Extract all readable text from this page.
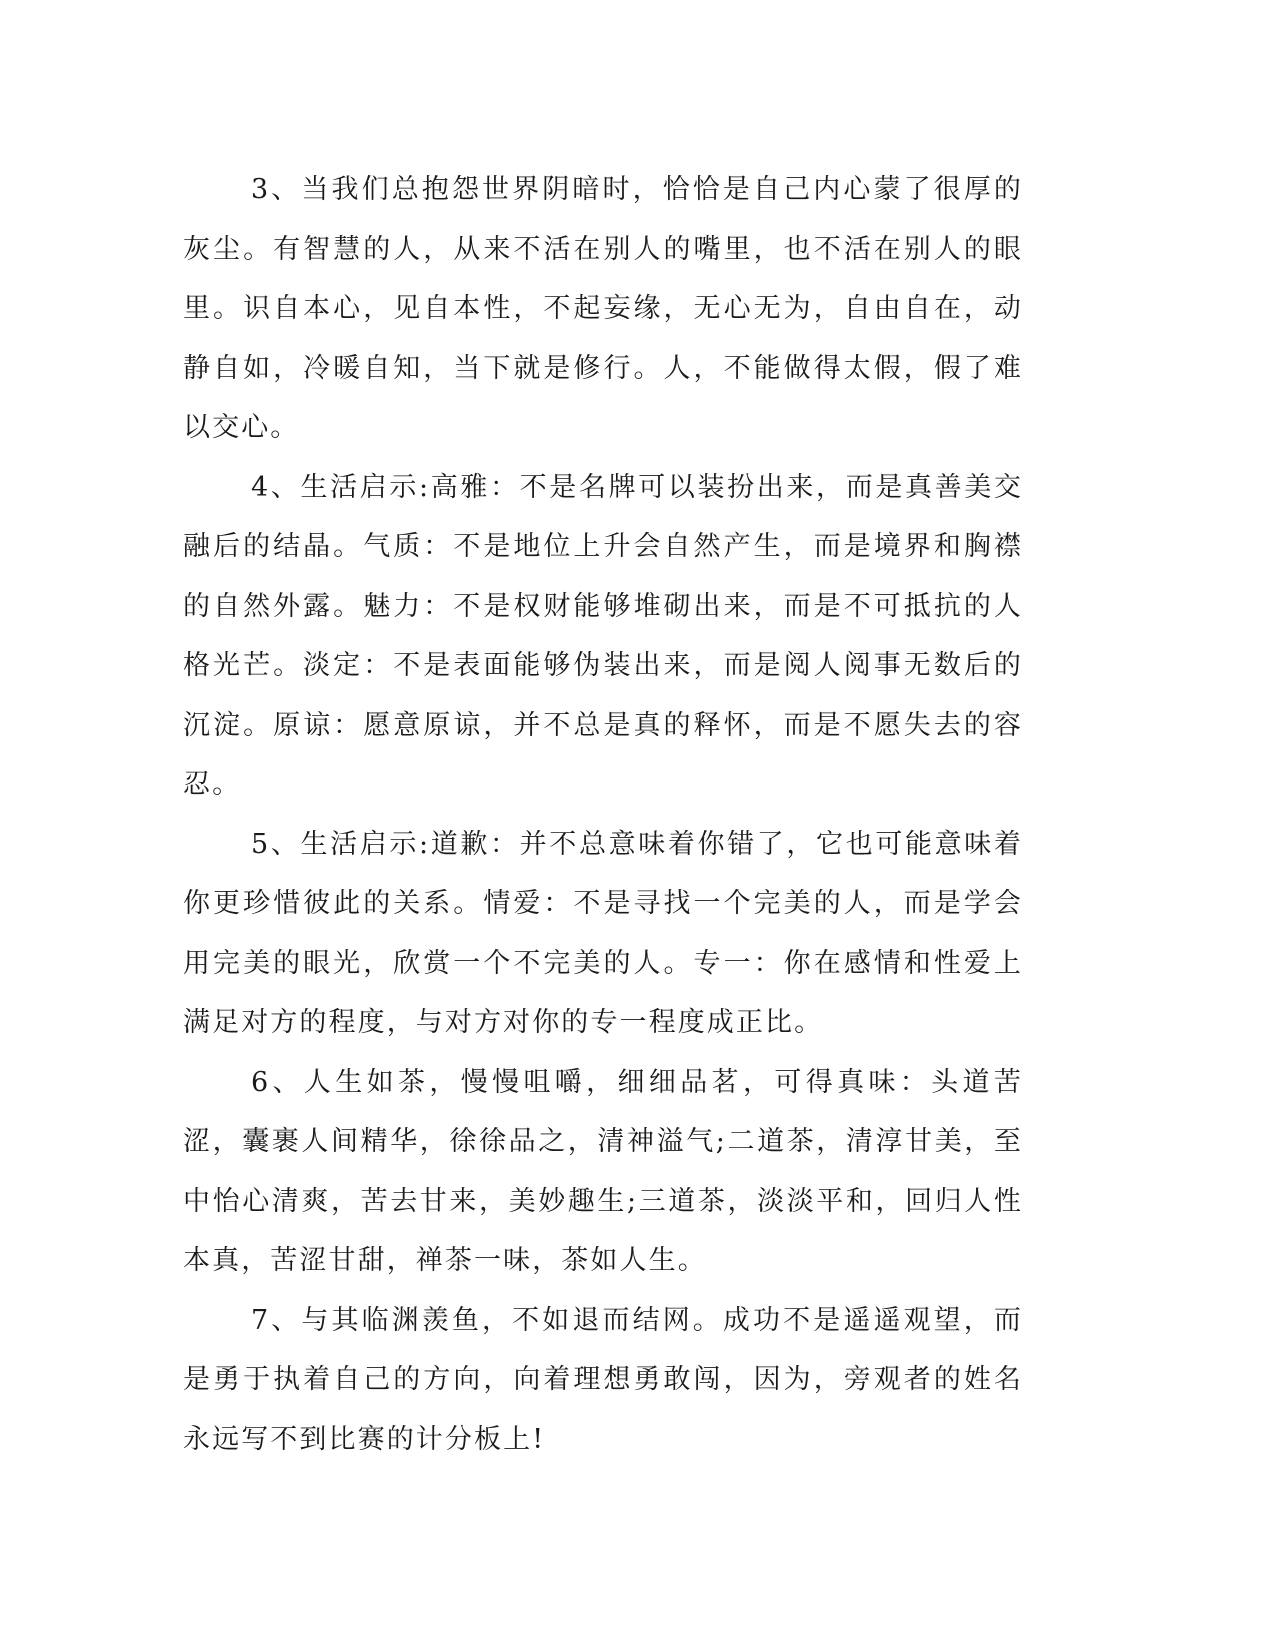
3、当我们总抱怨世界阴暗时，恰恰是自己内心蒙了很厚的灰尘。有智慧的人，从来不活在别人的嘴里，也不活在别人的眼里。识自本心，见自本性，不起妄缘，无心无为，自由自在，动静自如，冷暖自知，当下就是修行。人，不能做得太假，假了难以交心。

4、生活启示:高雅：不是名牌可以装扮出来，而是真善美交融后的结晶。气质：不是地位上升会自然产生，而是境界和胸襟的自然外露。魅力：不是权财能够堆砌出来，而是不可抵抗的人格光芒。淡定：不是表面能够伪装出来，而是阅人阅事无数后的沉淀。原谅：愿意原谅，并不总是真的释怀，而是不愿失去的容忍。

5、生活启示:道歉：并不总意味着你错了，它也可能意味着你更珍惜彼此的关系。情爱：不是寻找一个完美的人，而是学会用完美的眼光，欣赏一个不完美的人。专一：你在感情和性爱上满足对方的程度，与对方对你的专一程度成正比。

6、人生如茶，慢慢咀嚼，细细品茗，可得真味：头道苦涩，囊裹人间精华，徐徐品之，清神溢气;二道茶，清淳甘美，至中怡心清爽，苦去甘来，美妙趣生;三道茶，淡淡平和，回归人性本真，苦涩甘甜，禅茶一味，茶如人生。

7、与其临渊羡鱼，不如退而结网。成功不是遥遥观望，而是勇于执着自己的方向，向着理想勇敢闯，因为，旁观者的姓名永远写不到比赛的计分板上!
